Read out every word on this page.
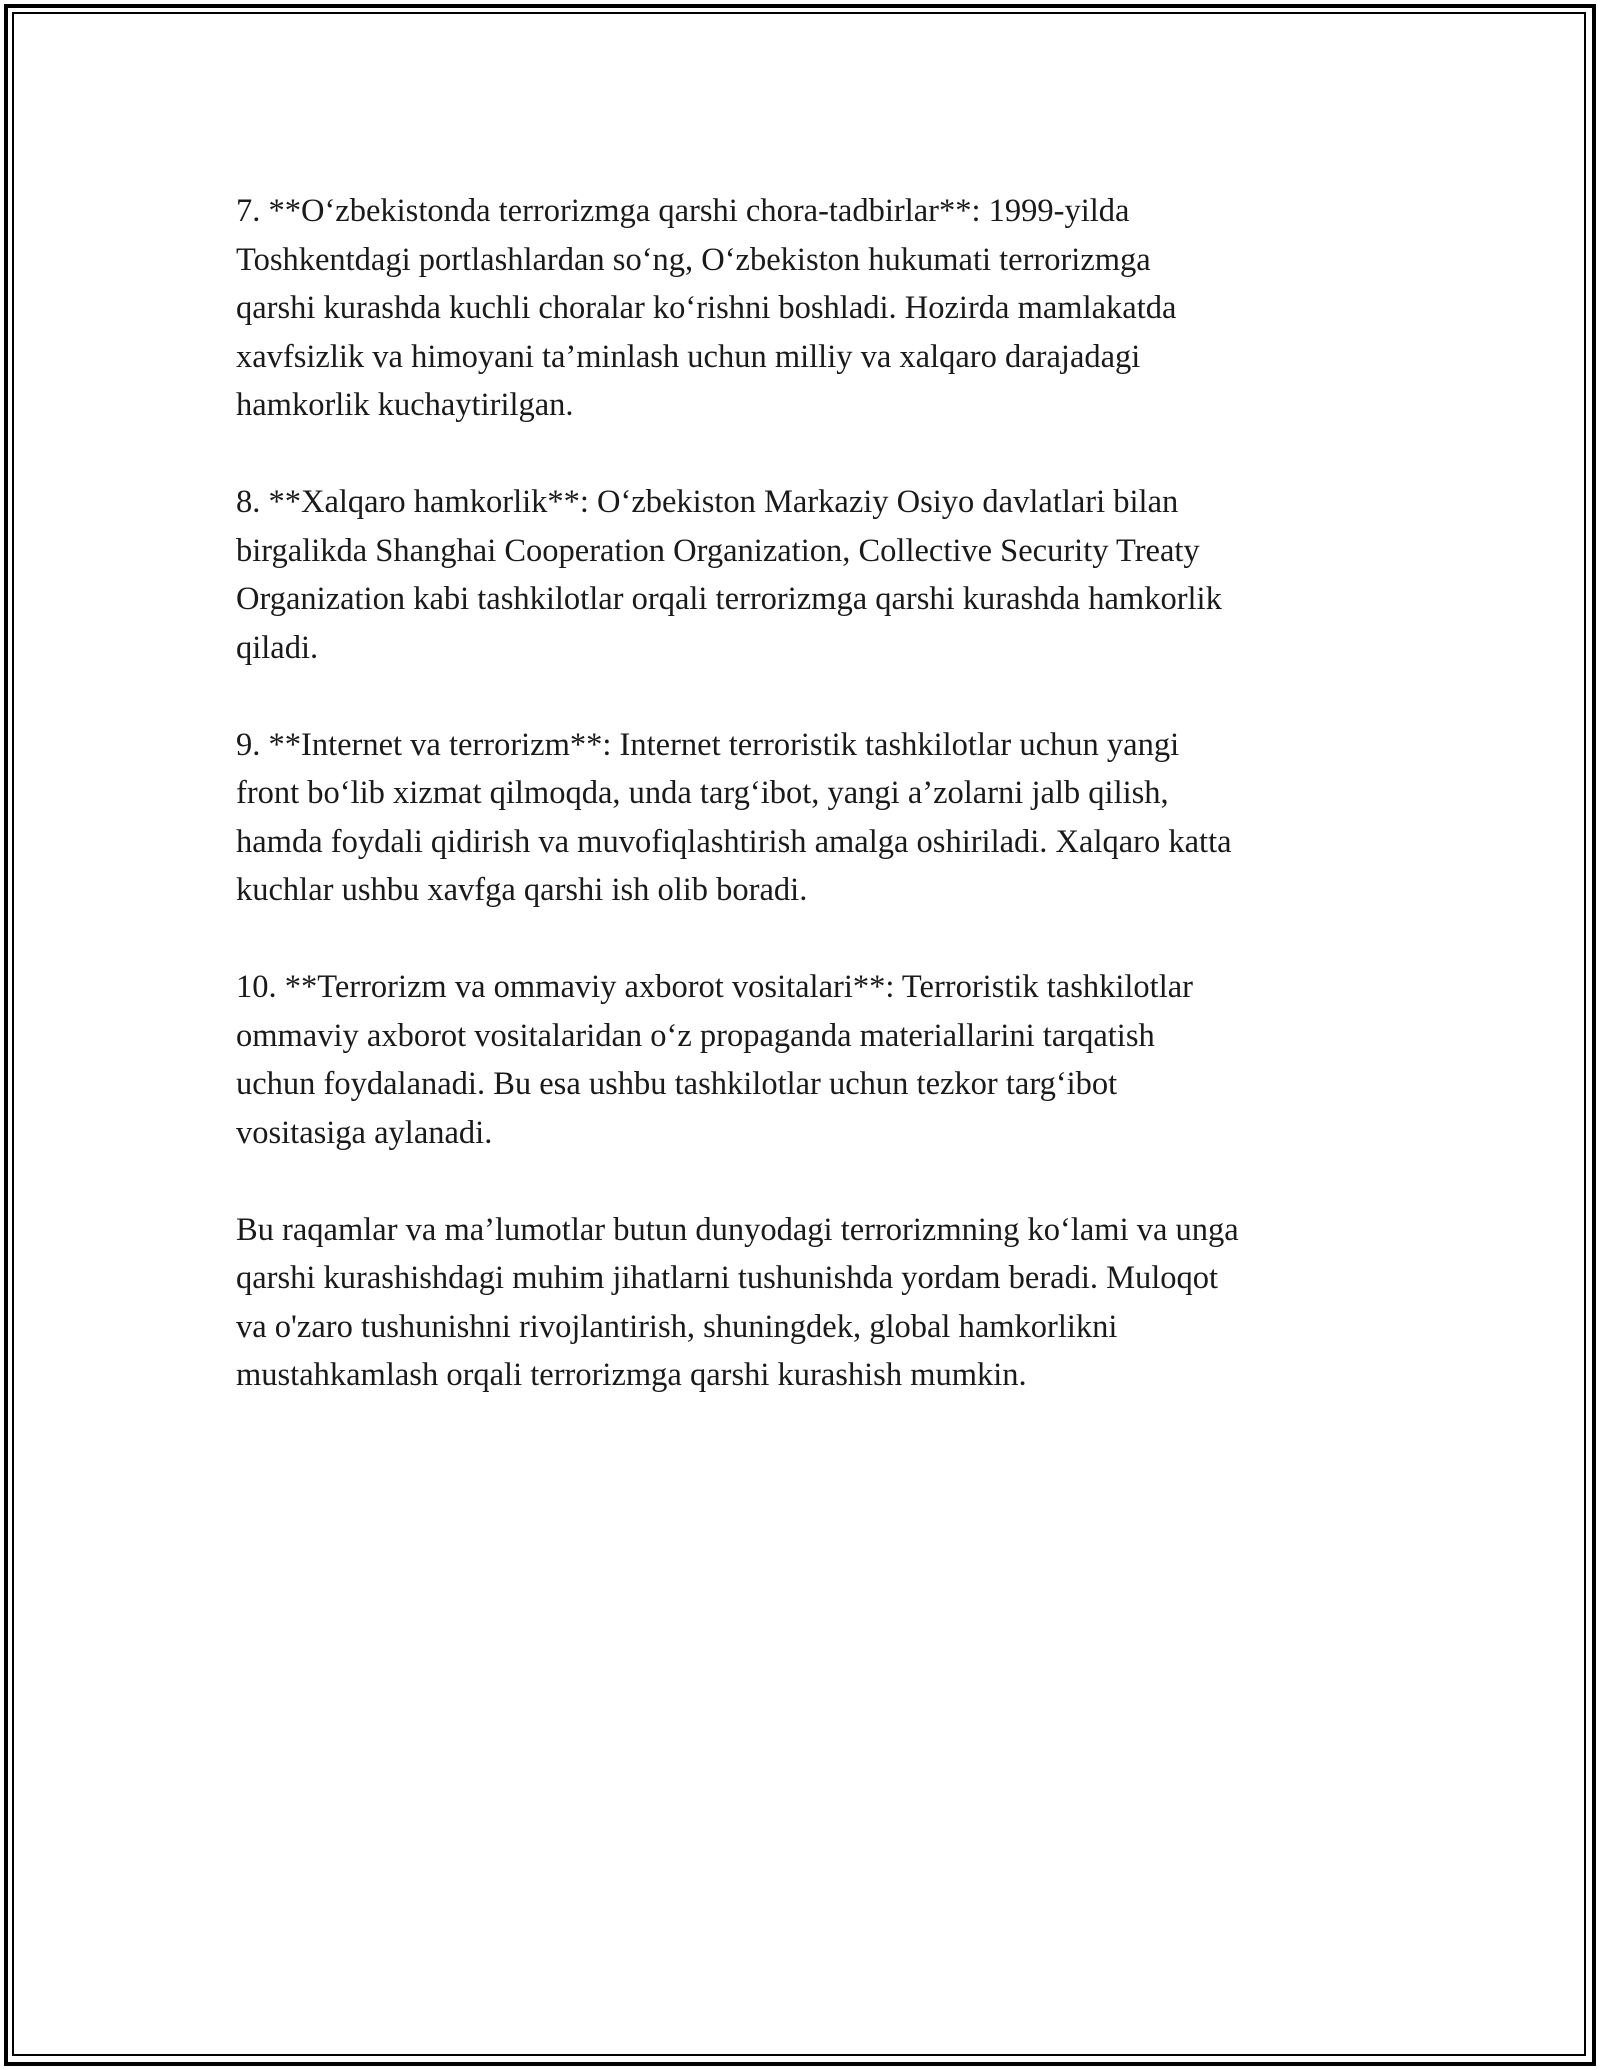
7. **O‘zbekistonda terrorizmga qarshi chora-tadbirlar**: 1999-yilda
Toshkentdagi portlashlardan so‘ng, O‘zbekiston hukumati terrorizmga
qarshi kurashda kuchli choralar ko‘rishni boshladi. Hozirda mamlakatda
xavfsizlik va himoyani ta’minlash uchun milliy va xalqaro darajadagi
hamkorlik kuchaytirilgan.

8. **Xalqaro hamkorlik**: O‘zbekiston Markaziy Osiyo davlatlari bilan
birgalikda Shanghai Cooperation Organization, Collective Security Treaty
Organization kabi tashkilotlar orqali terrorizmga qarshi kurashda hamkorlik
qiladi.

9. **Internet va terrorizm**: Internet terroristik tashkilotlar uchun yangi
front bo‘lib xizmat qilmoqda, unda targ‘ibot, yangi a’zolarni jalb qilish,
hamda foydali qidirish va muvofiqlashtirish amalga oshiriladi. Xalqaro katta
kuchlar ushbu xavfga qarshi ish olib boradi.

10. **Terrorizm va ommaviy axborot vositalari**: Terroristik tashkilotlar
ommaviy axborot vositalaridan o‘z propaganda materiallarini tarqatish
uchun foydalanadi. Bu esa ushbu tashkilotlar uchun tezkor targ‘ibot
vositasiga aylanadi.

Bu raqamlar va ma’lumotlar butun dunyodagi terrorizmning ko‘lami va unga
qarshi kurashishdagi muhim jihatlarni tushunishda yordam beradi. Muloqot
va o'zaro tushunishni rivojlantirish, shuningdek, global hamkorlikni
mustahkamlash orqali terrorizmga qarshi kurashish mumkin.
